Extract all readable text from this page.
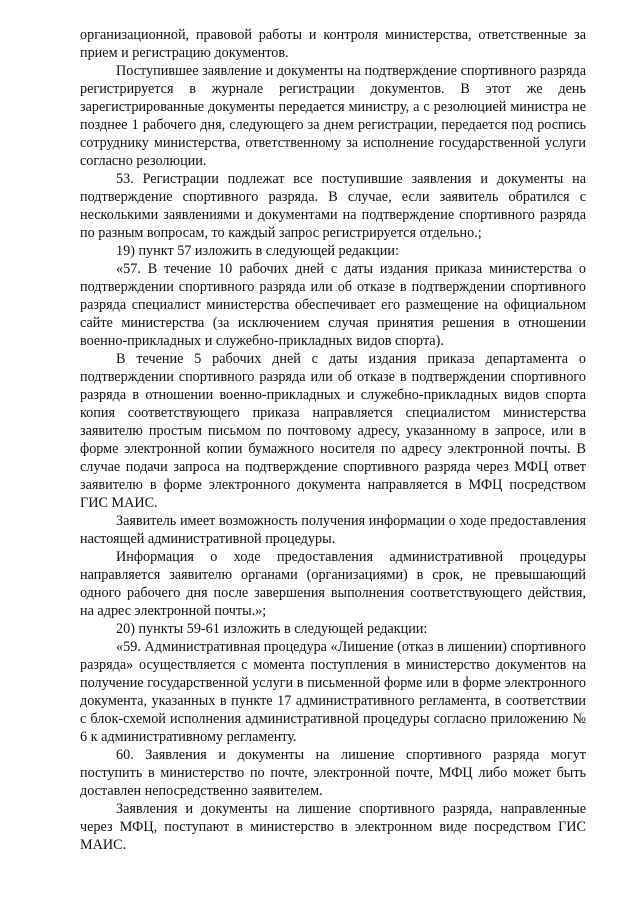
организационной, правовой работы и контроля министерства, ответственные за прием и регистрацию документов.

Поступившее заявление и документы на подтверждение спортивного разряда регистрируется в журнале регистрации документов. В этот же день зарегистрированные документы передается министру, а с резолюцией министра не позднее 1 рабочего дня, следующего за днем регистрации, передается под роспись сотруднику министерства, ответственному за исполнение государственной услуги согласно резолюции.

53. Регистрации подлежат все поступившие заявления и документы на подтверждение спортивного разряда. В случае, если заявитель обратился с несколькими заявлениями и документами на подтверждение спортивного разряда по разным вопросам, то каждый запрос регистрируется отдельно.;

19) пункт 57 изложить в следующей редакции:

«57. В течение 10 рабочих дней с даты издания приказа министерства о подтверждении спортивного разряда или об отказе в подтверждении спортивного разряда специалист министерства обеспечивает его размещение на официальном сайте министерства (за исключением случая принятия решения в отношении военно-прикладных и служебно-прикладных видов спорта).

В течение 5 рабочих дней с даты издания приказа департамента о подтверждении спортивного разряда или об отказе в подтверждении спортивного разряда в отношении военно-прикладных и служебно-прикладных видов спорта копия соответствующего приказа направляется специалистом министерства заявителю простым письмом по почтовому адресу, указанному в запросе, или в форме электронной копии бумажного носителя по адресу электронной почты. В случае подачи запроса на подтверждение спортивного разряда через МФЦ ответ заявителю в форме электронного документа направляется в МФЦ посредством ГИС МАИС.

Заявитель имеет возможность получения информации о ходе предоставления настоящей административной процедуры.

Информация о ходе предоставления административной процедуры направляется заявителю органами (организациями) в срок, не превышающий одного рабочего дня после завершения выполнения соответствующего действия, на адрес электронной почты.»;

20) пункты 59-61 изложить в следующей редакции:

«59. Административная процедура «Лишение (отказ в лишении) спортивного разряда» осуществляется с момента поступления в министерство документов на получение государственной услуги в письменной форме или в форме электронного документа, указанных в пункте 17 административного регламента, в соответствии с блок-схемой исполнения административной процедуры согласно приложению № 6 к административному регламенту.

60. Заявления и документы на лишение спортивного разряда могут поступить в министерство по почте, электронной почте, МФЦ либо может быть доставлен непосредственно заявителем.

Заявления и документы на лишение спортивного разряда, направленные через МФЦ, поступают в министерство в электронном виде посредством ГИС МАИС.
